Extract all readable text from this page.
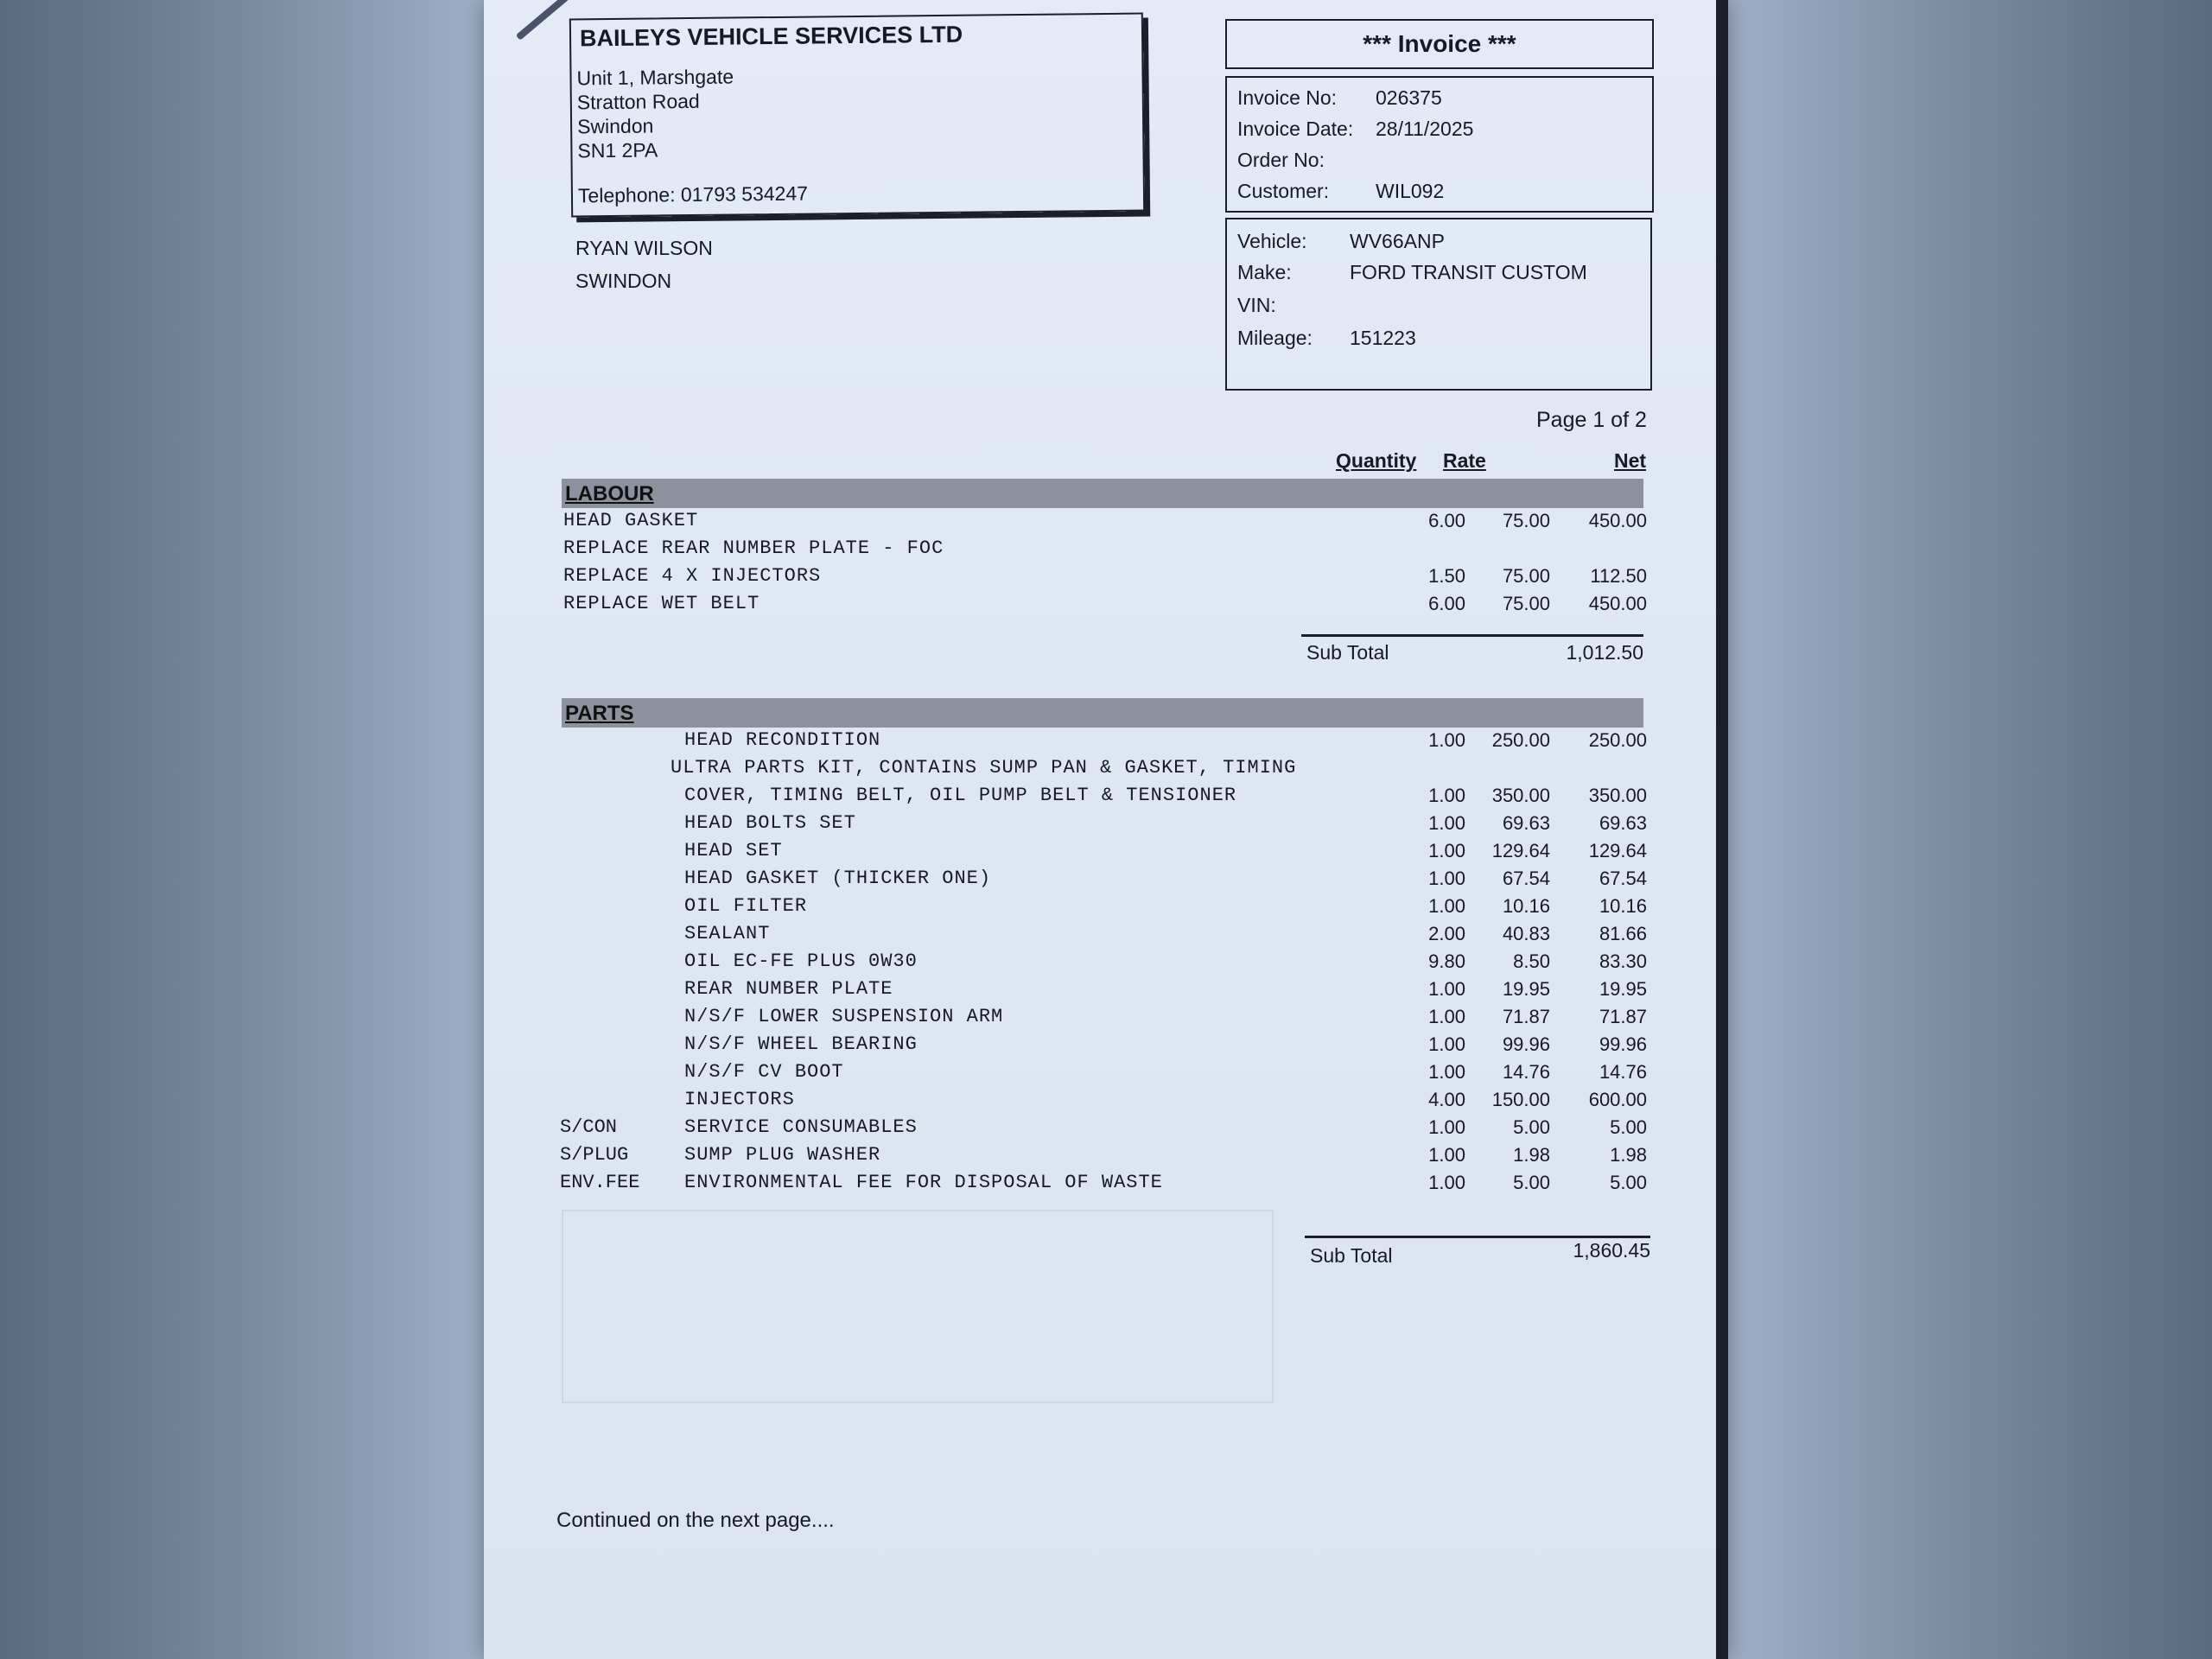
BAILEYS VEHICLE SERVICES LTD
Unit 1, Marshgate
Stratton Road
Swindon
SN1 2PA
Telephone: 01793 534247
*** Invoice ***
Invoice No: 026375
Invoice Date: 28/11/2025
Order No:
Customer: WIL092
Vehicle: WV66ANP
Make:	FORD TRANSIT CUSTOM
VIN:
Mileage: 151223
RYAN WILSON
SWINDON
Page 1 of 2
Quantity Rate	Net
LABOUR
HEAD GASKET	6.00	75.00	450.00
REPLACE REAR NUMBER PLATE - FOC
REPLACE 4 X INJECTORS	1.50	75.00	112.50
REPLACE WET BELT	6.00	75.00	450.00
Sub Total	1,012.50
PARTS
HEAD RECONDITION	1.00	250.00	250.00
ULTRA PARTS KIT, CONTAINS SUMP PAN & GASKET, TIMING
COVER, TIMING BELT, OIL PUMP BELT & TENSIONER	1.00	350.00	350.00
HEAD BOLTS SET	1.00	69.63	69.63
HEAD SET	1.00	129.64	129.64
HEAD GASKET (THICKER ONE)	1.00	67.54	67.54
OIL FILTER	1.00	10.16	10.16
SEALANT	2.00	40.83	81.66
OIL EC-FE PLUS 0W30	9.80	8.50	83.30
REAR NUMBER PLATE	1.00	19.95	19.95
N/S/F LOWER SUSPENSION ARM	1.00	71.87	71.87
N/S/F WHEEL BEARING	1.00	99.96	99.96
N/S/F CV BOOT	1.00	14.76	14.76
INJECTORS	4.00	150.00	600.00
S/CON	SERVICE CONSUMABLES	1.00	5.00	5.00
S/PLUG	SUMP PLUG WASHER	1.00	1.98	1.98
ENV.FEE ENVIRONMENTAL FEE FOR DISPOSAL OF WASTE	1.00	5.00	5.00
Sub Total	1,860.45
Continued on the next page....
